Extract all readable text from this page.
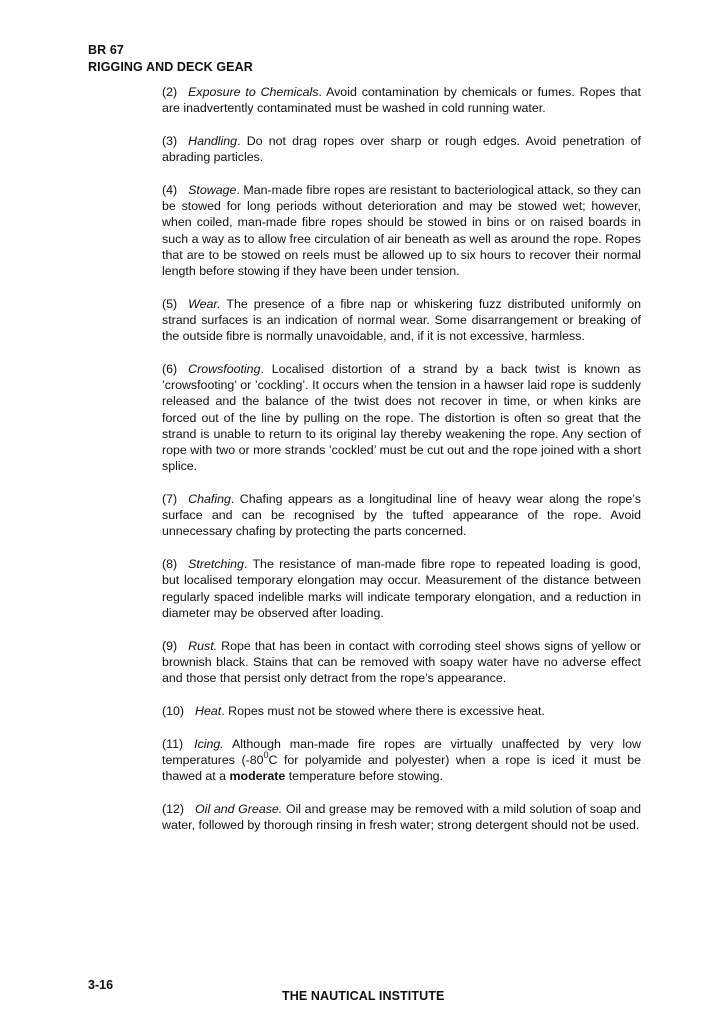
BR 67
RIGGING AND DECK GEAR

(2) Exposure to Chemicals. Avoid contamination by chemicals or fumes. Ropes that are inadvertently contaminated must be washed in cold running water.

(3) Handling. Do not drag ropes over sharp or rough edges. Avoid penetration of abrading particles.

(4) Stowage. Man-made fibre ropes are resistant to bacteriological attack, so they can be stowed for long periods without deterioration and may be stowed wet; however, when coiled, man-made fibre ropes should be stowed in bins or on raised boards in such a way as to allow free circulation of air beneath as well as around the rope. Ropes that are to be stowed on reels must be allowed up to six hours to recover their normal length before stowing if they have been under tension.

(5) Wear. The presence of a fibre nap or whiskering fuzz distributed uniformly on strand surfaces is an indication of normal wear. Some disarrangement or breaking of the outside fibre is normally unavoidable, and, if it is not excessive, harmless.

(6) Crowsfooting. Localised distortion of a strand by a back twist is known as ’crowsfooting’ or ’cockling’. It occurs when the tension in a hawser laid rope is suddenly released and the balance of the twist does not recover in time, or when kinks are forced out of the line by pulling on the rope. The distortion is often so great that the strand is unable to return to its original lay thereby weakening the rope. Any section of rope with two or more strands ’cockled’ must be cut out and the rope joined with a short splice.

(7) Chafing. Chafing appears as a longitudinal line of heavy wear along the rope’s surface and can be recognised by the tufted appearance of the rope. Avoid unnecessary chafing by protecting the parts concerned.

(8) Stretching. The resistance of man-made fibre rope to repeated loading is good, but localised temporary elongation may occur. Measurement of the distance between regularly spaced indelible marks will indicate temporary elongation, and a reduction in diameter may be observed after loading.

(9) Rust. Rope that has been in contact with corroding steel shows signs of yellow or brownish black. Stains that can be removed with soapy water have no adverse effect and those that persist only detract from the rope’s appearance.

(10) Heat. Ropes must not be stowed where there is excessive heat.

(11) Icing. Although man-made fire ropes are virtually unaffected by very low temperatures ($-80^0C$ for polyamide and polyester) when a rope is iced it must be thawed at a moderate temperature before stowing.

(12) Oil and Grease. Oil and grease may be removed with a mild solution of soap and water, followed by thorough rinsing in fresh water; strong detergent should not be used.

3-16
THE NAUTICAL INSTITUTE
